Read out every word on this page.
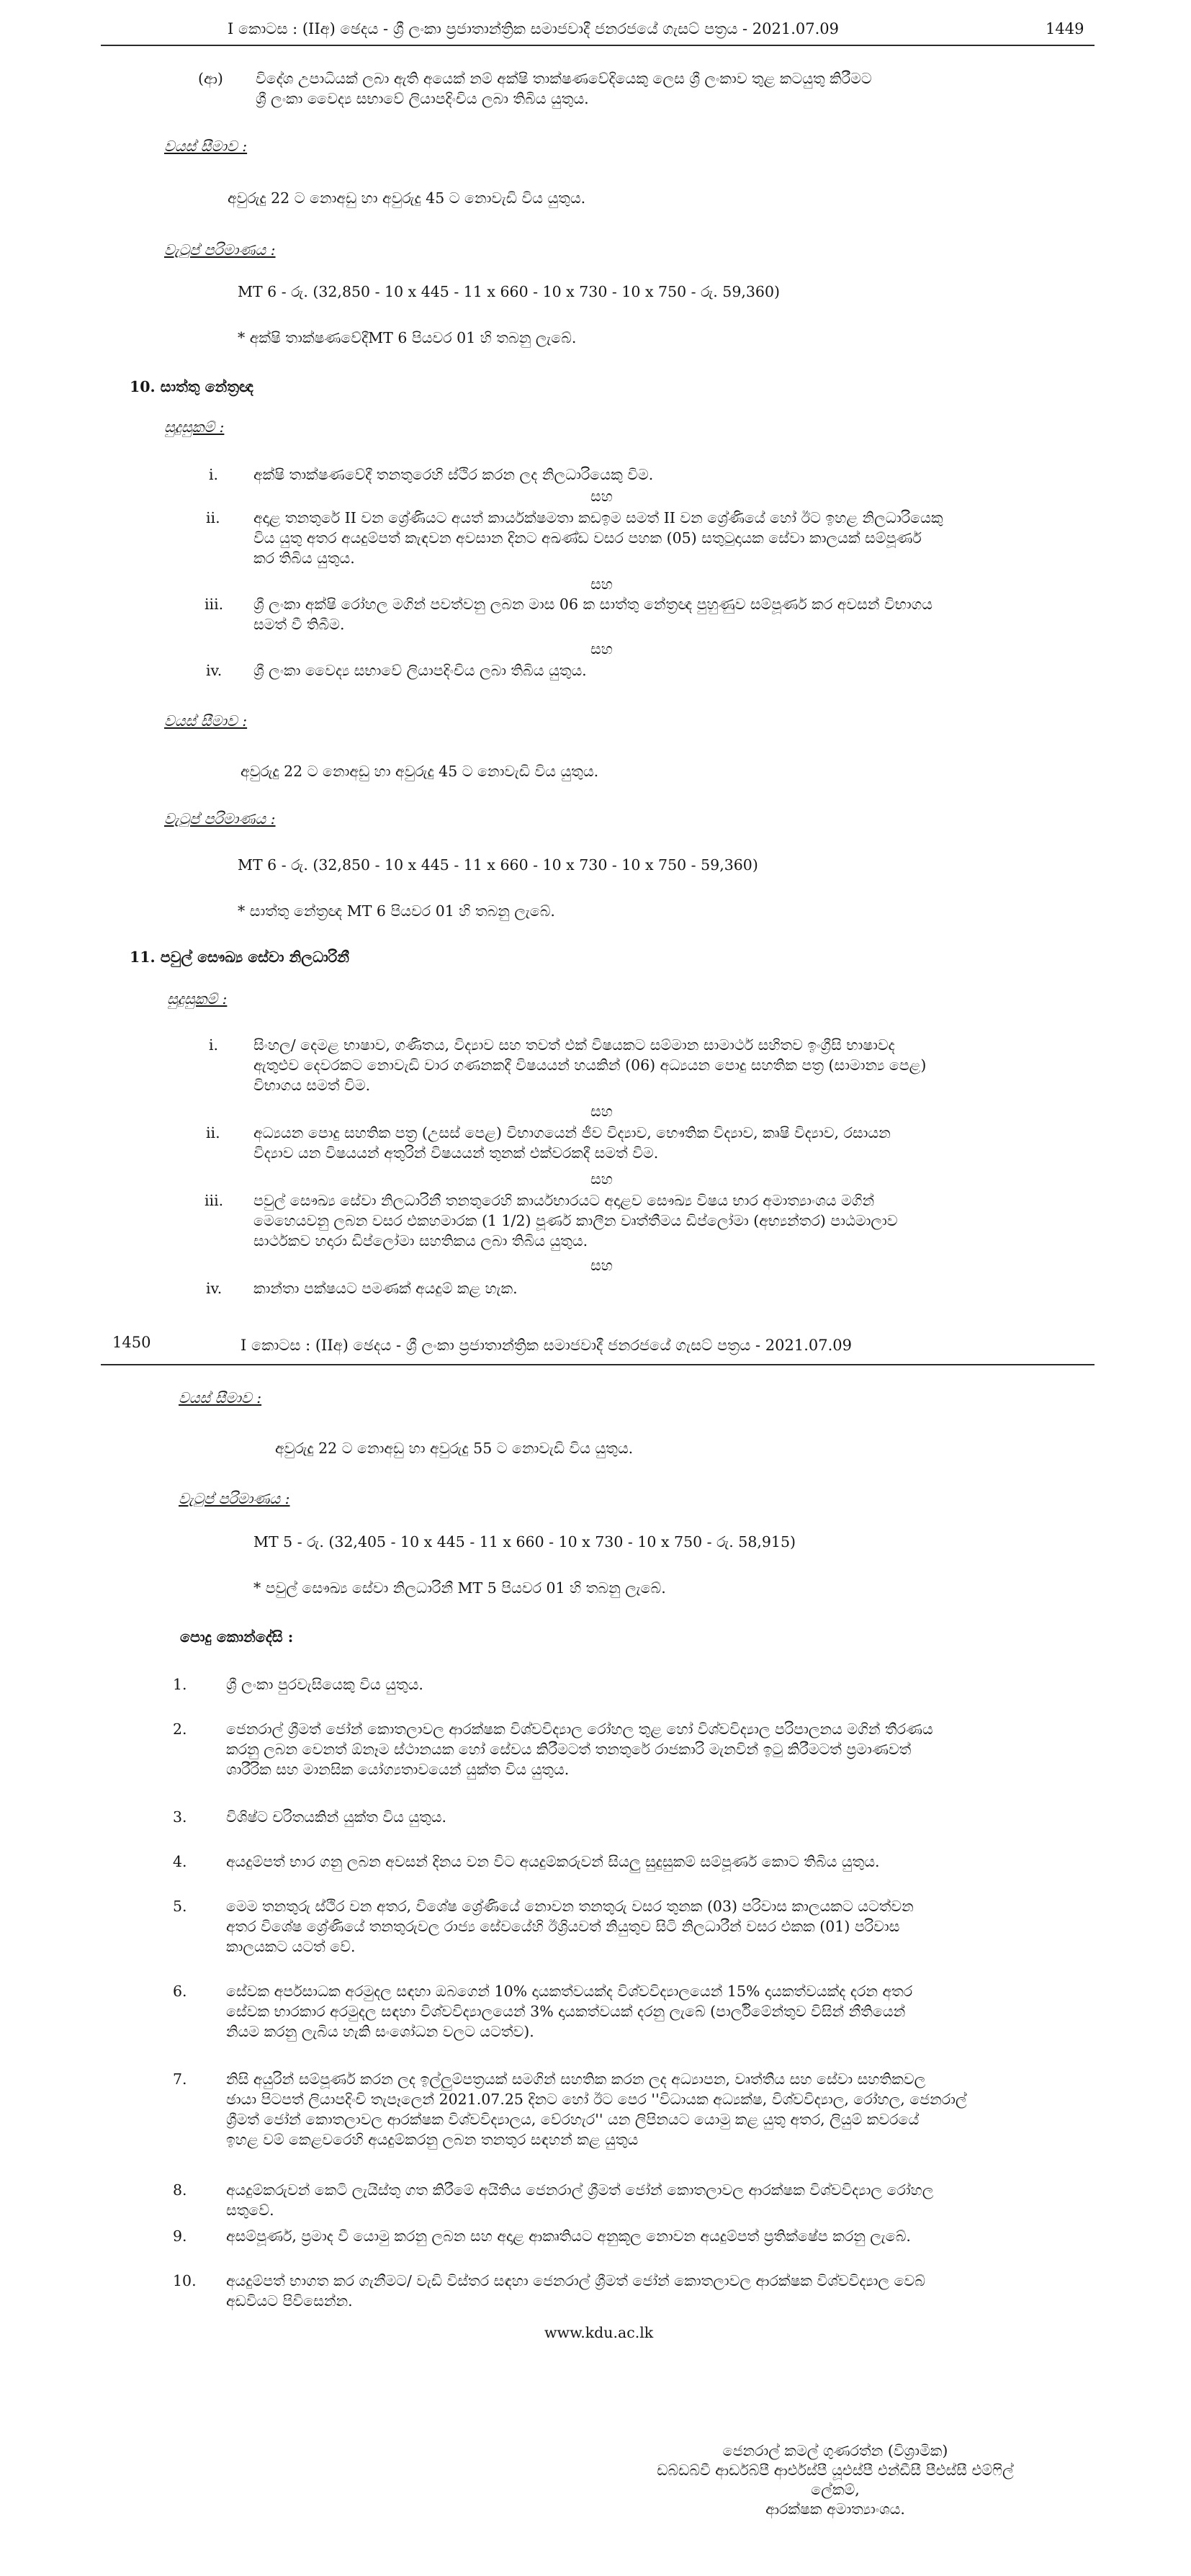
I කොටස : (IIඅ) ඡෙදය - ශ්‍රී ලංකා ප්‍රජාතාන්ත්‍රික සමාජවාදී ජනරජයේ ගැසට් පත්‍රය - 2021.07.09	1449
(ආ) විදේශ උපාධියක් ලබා ඇති අයෙක් නම් අක්ෂි තාක්ෂණවේදියෙකු ලෙස ශ්‍රී ලංකාව තුළ කටයුතු කිරීමට
ශ්‍රී ලංකා වෛද්‍ය සභාවේ ලියාපදිංචිය ලබා තිබිය යුතුය.
වයස් සීමාව :
අවුරුදු 22 ට නොඅඩු හා අවුරුදු 45 ට නොවැඩි විය යුතුය.
වැටුප් පරිමාණය :
MT 6 - රු. (32,850 - 10 x 445 - 11 x 660 - 10 x 730 - 10 x 750 - රු. 59,360)
* අක්ෂි තාක්ෂණවේදීMT 6 පියවර 01 හි තබනු ලැබේ.
10. සාත්තු නේත්‍රඥ
සුදුසුකම් :
i. අක්ෂි තාක්ෂණවේදී තනතුරෙහි ස්ථිර කරන ලද නිලධාරියෙකු විම.
සහ
ii. අදාළ තනතුරේ II වන ශ්‍රේණියට අයත් කාර්යක්ෂමතා කඩඉම සමත් II වන ශ්‍රේණියේ හෝ ඊට ඉහළ නිලධාරියෙකු
විය යුතු අතර අයදුම්පත් කැඳවන අවසාන දිනට අඛණ්ඩ වසර පහක (05) සතුටුදායක සේවා කාලයක් සම්පූර්ණ
කර තිබිය යුතුය.
සහ
iii. ශ්‍රී ලංකා අක්ෂි රෝහල මගින් පවත්වනු ලබන මාස 06 ක සාත්තු නේත්‍රඥ පුහුණුව සම්පූර්ණ කර අවසන් විභාගය
සමත් වී තිබීම.
සහ
iv. ශ්‍රී ලංකා වෛද්‍ය සභාවේ ලියාපදිංචිය ලබා තිබිය යුතුය.
වයස් සීමාව :
අවුරුදු 22 ට නොඅඩු හා අවුරුදු 45 ට නොවැඩි විය යුතුය.
වැටුප් පරිමාණය :
MT 6 - රු. (32,850 - 10 x 445 - 11 x 660 - 10 x 730 - 10 x 750 - 59,360)
* සාත්තු නේත්‍රඥ MT 6 පියවර 01 හි තබනු ලැබේ.
11. පවුල් සෞඛ්‍ය සේවා නිලධාරිනී
සුදුසුකම් :
i. සිංහල/ දෙමළ භාෂාව, ගණිතය, විද්‍යාව සහ තවත් එක් විෂයකට සම්මාන සාමාර්ථ සහිතව ඉංග්‍රීසි භාෂාවද
ඇතුළුව දෙවරකට නොවැඩි වාර ගණනකදී විෂයයන් හයකින් (06) අධ්‍යයන පොදු සහතික පත්‍ර (සාමාන්‍ය පෙළ)
විභාගය සමත් විම.
සහ
ii. අධ්‍යයන පොදු සහතික පත්‍ර (උසස් පෙළ) විභාගයෙන් ජීව විද්‍යාව, භෞතික විද්‍යාව, කෘෂි විද්‍යාව, රසායන
විද්‍යාව යන විෂයයන් අතුරින් විෂයයන් තුනක් එක්වරකදී සමත් විම.
සහ
iii. පවුල් සෞඛ්‍ය සේවා නිලධාරිනී තනතුරෙහි කාර්යභාරයට අදාළව සෞඛ්‍ය විෂය භාර අමාත්‍යාංශය මගින්
මෙහෙයවනු ලබන වසර එකහමාරක (1 1/2) පූර්ණ කාලීන වෘත්තීමය ඩිප්ලෝමා (අභ්‍යන්තර) පාඨමාලාව
සාර්ථකව හදාරා ඩිප්ලෝමා සහතිකය ලබා තිබිය යුතුය.
සහ
iv. කාන්තා පක්ෂයට පමණක් අයදුම් කළ හැක.
1450	I කොටස : (IIඅ) ඡෙදය - ශ්‍රී ලංකා ප්‍රජාතාන්ත්‍රික සමාජවාදී ජනරජයේ ගැසට් පත්‍රය - 2021.07.09
වයස් සීමාව :
අවුරුදු 22 ට නොඅඩු හා අවුරුදු 55 ට නොවැඩි විය යුතුය.
වැටුප් පරිමාණය :
MT 5 - රු. (32,405 - 10 x 445 - 11 x 660 - 10 x 730 - 10 x 750 - රු. 58,915)
* පවුල් සෞඛ්‍ය සේවා නිලධාරිනී MT 5 පියවර 01 හි තබනු ලැබේ.
පොදු කොන්දේසි :
1.	ශ්‍රී ලංකා පුරවැසියෙකු විය යුතුය.
2.	ජෙනරාල් ශ්‍රීමත් ජෝන් කොතලාවල ආරක්ෂක විශ්වවිද්‍යාල රෝහල තුළ හෝ විශ්වවිද්‍යාල පරිපාලනය මගින් තීරණය
කරනු ලබන වෙනත් ඕනෑම ස්ථානයක හෝ සේවය කිරීමටත් තනතුරේ රාජකාරි මැනවින් ඉටු කිරීමටත් ප්‍රමාණවත්
ශාරීරික සහ මානසික යෝග්‍යතාවයෙන් යුක්ත විය යුතුය.
3.	විශිෂ්ට චරිතයකින් යුක්ත විය යුතුය.
4.	අයදුම්පත් භාර ගනු ලබන අවසන් දිනය වන විට අයදුම්කරුවන් සියලු සුදුසුකම් සම්පූර්ණ කොට තිබිය යුතුය.
5.	මෙම තනතුරු ස්ථිර වන අතර, විශේෂ ශ්‍රේණියේ නොවන තනතුරු වසර තුනක (03) පරිවාස කාලයකට යටත්වන
අතර විශේෂ ශ්‍රේණියේ තනතුරුවල රාජ්‍ය සේවයේහි ඊශ්‍රියවත් නියුතුව සිටි නිලධාරීන් වසර එකක (01) පරිවාස
කාලයකට යටත් වේ.
6.	සේවක අර්පසාධක අරමුදල සඳහා ඔබගෙන් 10% දායකත්වයක්ද විශ්වවිද්‍යාලයෙන් 15% දායකත්වයක්ද දරන අතර
සේවක භාරකාර අරමුදල සඳහා විශ්වවිද්‍යාලයෙන් 3% දායකත්වයක් දරනු ලැබේ (පාර්ලිමේන්තුව විසින් නීතියෙන්
නියම කරනු ලැබිය හැකි සංශෝධන වලට යටත්ව).
7.	නිසි අයුරින් සම්පූර්ණ කරන ලද ඉල්ලුම්පත්‍රයක් සමගින් සහතික කරන ලද අධ්‍යාපන, වෘත්තීය සහ සේවා සහතිකවල
ඡායා පිටපත් ලියාපදිංචි තැපෑලෙන් 2021.07.25 දිනට හෝ ඊට පෙර ''විධායක අධ්‍යක්ෂ, විශ්වවිද්‍යාල, රෝහල, ජෙනරාල්
ශ්‍රීමත් ජෝන් කොතලාවල ආරක්ෂක විශ්වවිද්‍යාලය, වේරහැර'' යන ලිපිනයට යොමු කළ යුතු අතර, ලියුම් කවරයේ
ඉහළ වම් කෙළවරෙහි අයදුම්කරනු ලබන තනතුර සඳහන් කළ යුතුය
8.	අයදුම්කරුවන් කෙටි ලැයිස්තු ගත කිරීමේ අයිතිය ජෙනරාල් ශ්‍රීමත් ජෝන් කොතලාවල ආරක්ෂක විශ්වවිද්‍යාල රෝහල
සතුවේ.
9.	අසම්පූර්ණ, ප්‍රමාද වී යොමු කරනු ලබන සහ අදාළ ආකෘතියට අනුකූල නොවන අයදුම්පත් ප්‍රතික්ෂේප කරනු ලැබේ.
10. අයදුම්පත් භාගත කර ගැනීමට/ වැඩි විස්තර සඳහා ජෙනරාල් ශ්‍රීමත් ජෝන් කොතලාවල ආරක්ෂක විශ්වවිද්‍යාල වෙබ්
අඩවියට පිවිසෙන්න.
www.kdu.ac.lk
ජෙනරාල් කමල් ගුණරත්න (විශ්‍රාමික)
ඩබ්ඩබ්වී ආර්ඩබ්පී ආර්එස්පී යූඑස්පී එන්ඩීසී පීඑස්සී එම්ෆිල්
ලේකම්,
ආරක්ෂක අමාත්‍යාංශය.
